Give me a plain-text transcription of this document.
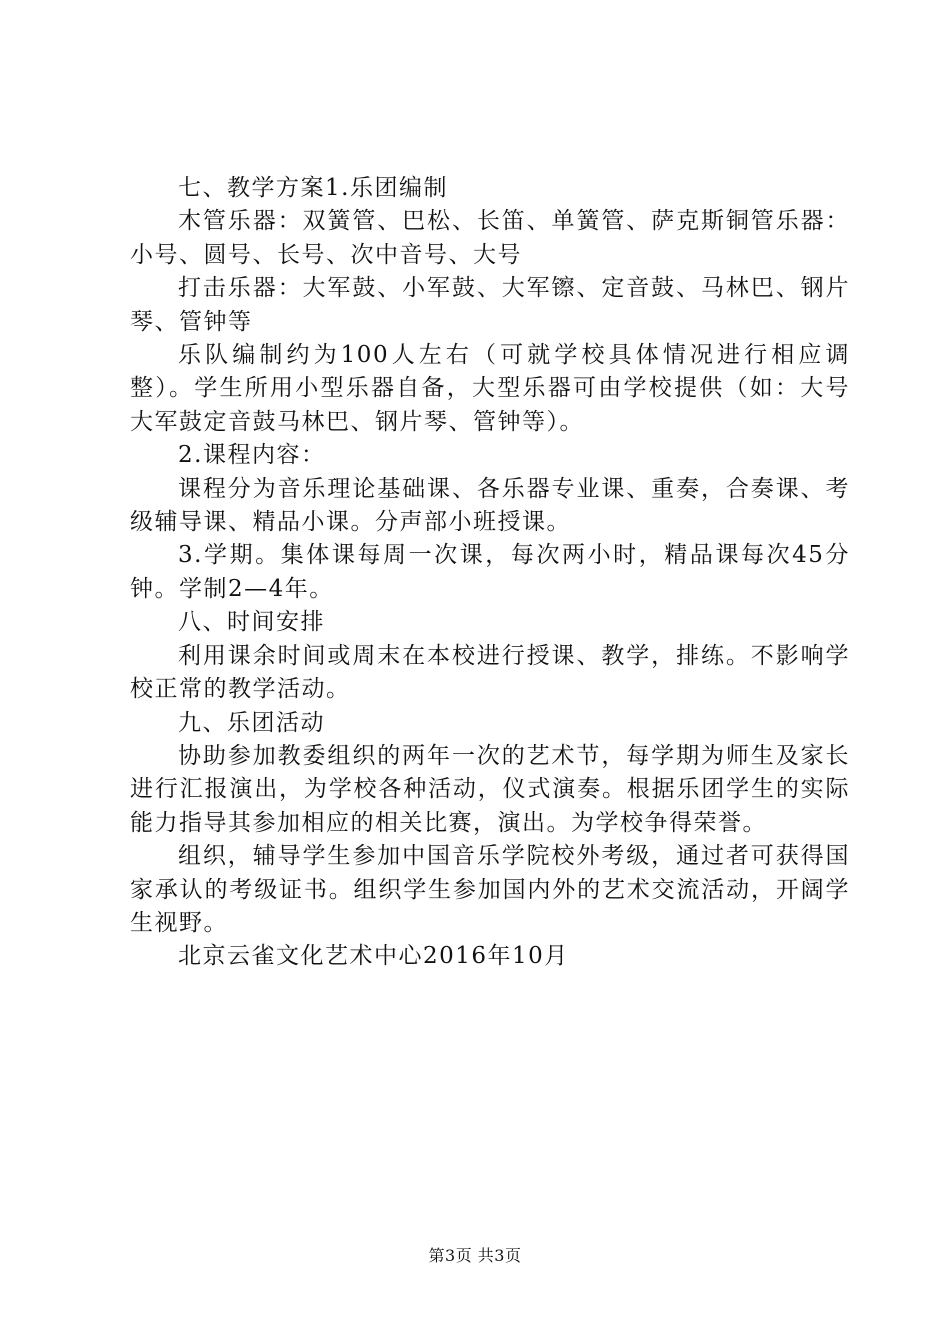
七、教学方案1.乐团编制

木管乐器：双簧管、巴松、长笛、单簧管、萨克斯铜管乐器：小号、圆号、长号、次中音号、大号

打击乐器：大军鼓、小军鼓、大军镲、定音鼓、马林巴、钢片琴、管钟等

乐队编制约为100人左右（可就学校具体情况进行相应调整）。学生所用小型乐器自备，大型乐器可由学校提供（如：大号大军鼓定音鼓马林巴、钢片琴、管钟等）。

2.课程内容：

课程分为音乐理论基础课、各乐器专业课、重奏，合奏课、考级辅导课、精品小课。分声部小班授课。

3.学期。集体课每周一次课，每次两小时，精品课每次45分钟。学制2—4年。

八、时间安排

利用课余时间或周末在本校进行授课、教学，排练。不影响学校正常的教学活动。

九、乐团活动

协助参加教委组织的两年一次的艺术节，每学期为师生及家长进行汇报演出，为学校各种活动，仪式演奏。根据乐团学生的实际能力指导其参加相应的相关比赛，演出。为学校争得荣誉。

组织，辅导学生参加中国音乐学院校外考级，通过者可获得国家承认的考级证书。组织学生参加国内外的艺术交流活动，开阔学生视野。

北京云雀文化艺术中心2016年10月

第3页 共3页
